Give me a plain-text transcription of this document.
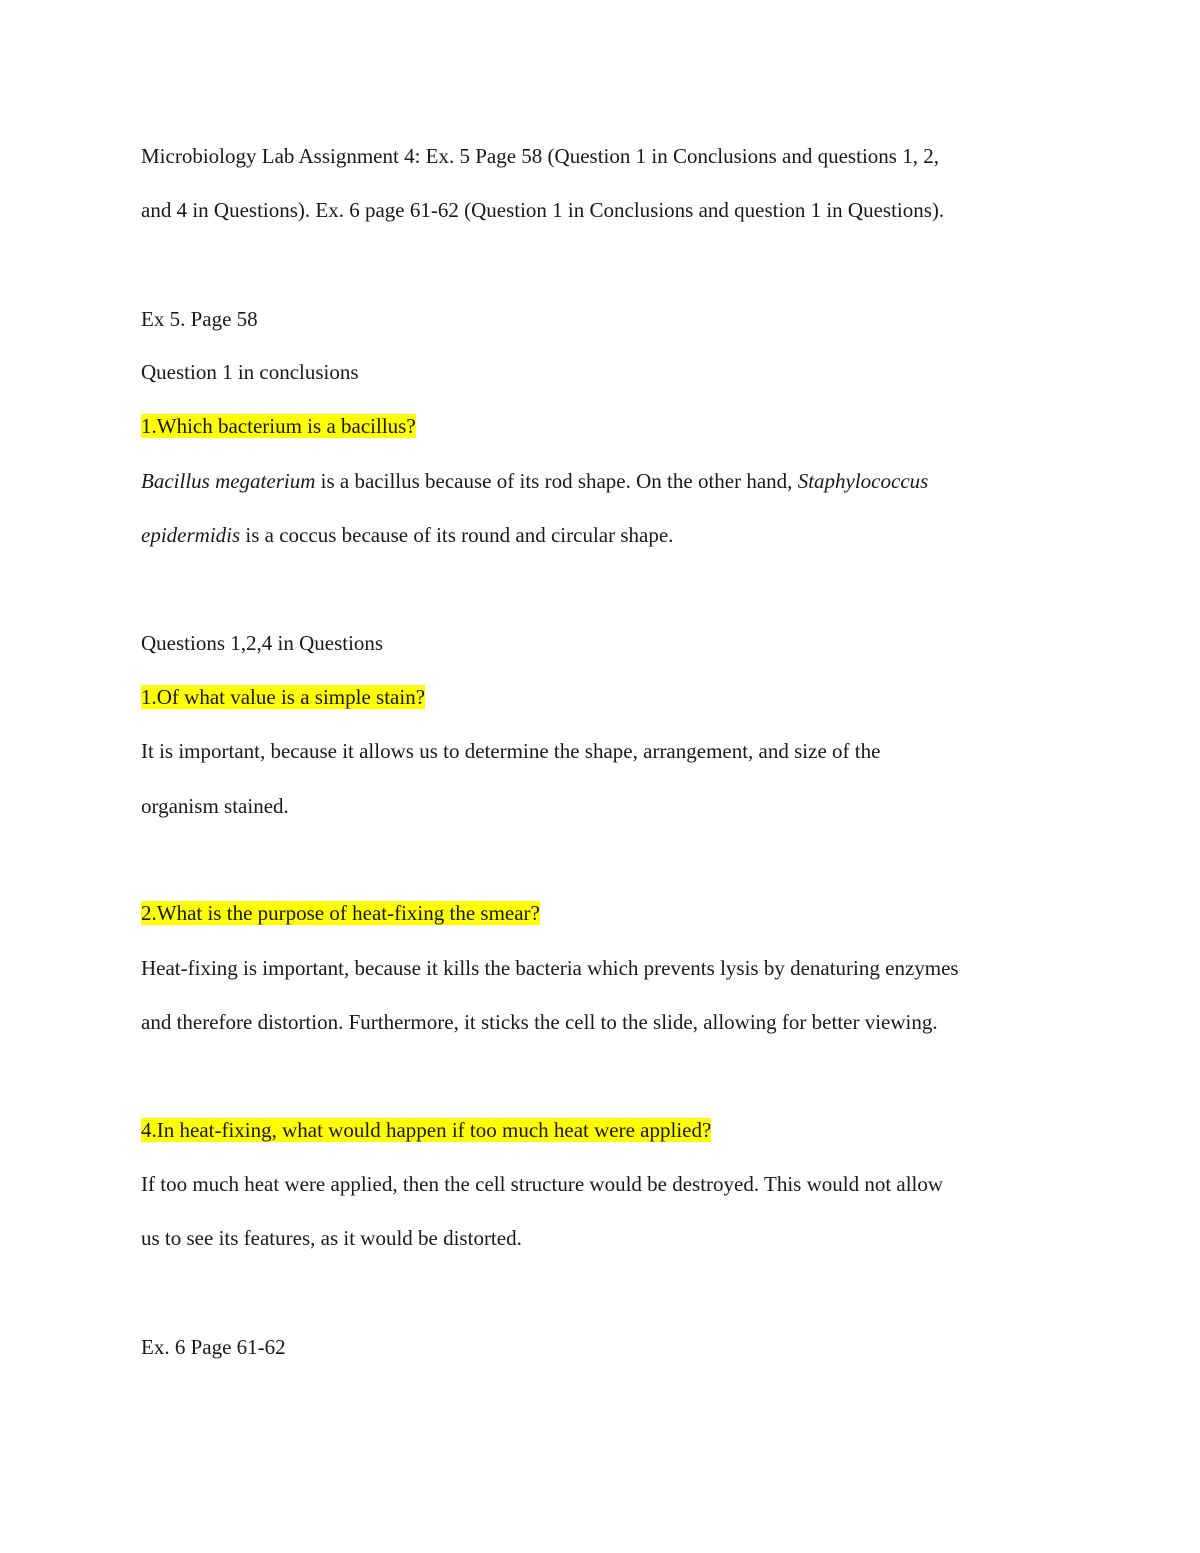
Microbiology Lab Assignment 4: Ex. 5 Page 58 (Question 1 in Conclusions and questions 1, 2,
and 4 in Questions). Ex. 6 page 61-62 (Question 1 in Conclusions and question 1 in Questions).
Ex 5. Page 58
Question 1 in conclusions
1.Which bacterium is a bacillus?
Bacillus megaterium is a bacillus because of its rod shape. On the other hand, Staphylococcus
epidermidis is a coccus because of its round and circular shape.
Questions 1,2,4 in Questions
1.Of what value is a simple stain?
It is important, because it allows us to determine the shape, arrangement, and size of the
organism stained.
2.What is the purpose of heat-fixing the smear?
Heat-fixing is important, because it kills the bacteria which prevents lysis by denaturing enzymes
and therefore distortion. Furthermore, it sticks the cell to the slide, allowing for better viewing.
4.In heat-fixing, what would happen if too much heat were applied?
If too much heat were applied, then the cell structure would be destroyed. This would not allow
us to see its features, as it would be distorted.
Ex. 6 Page 61-62
